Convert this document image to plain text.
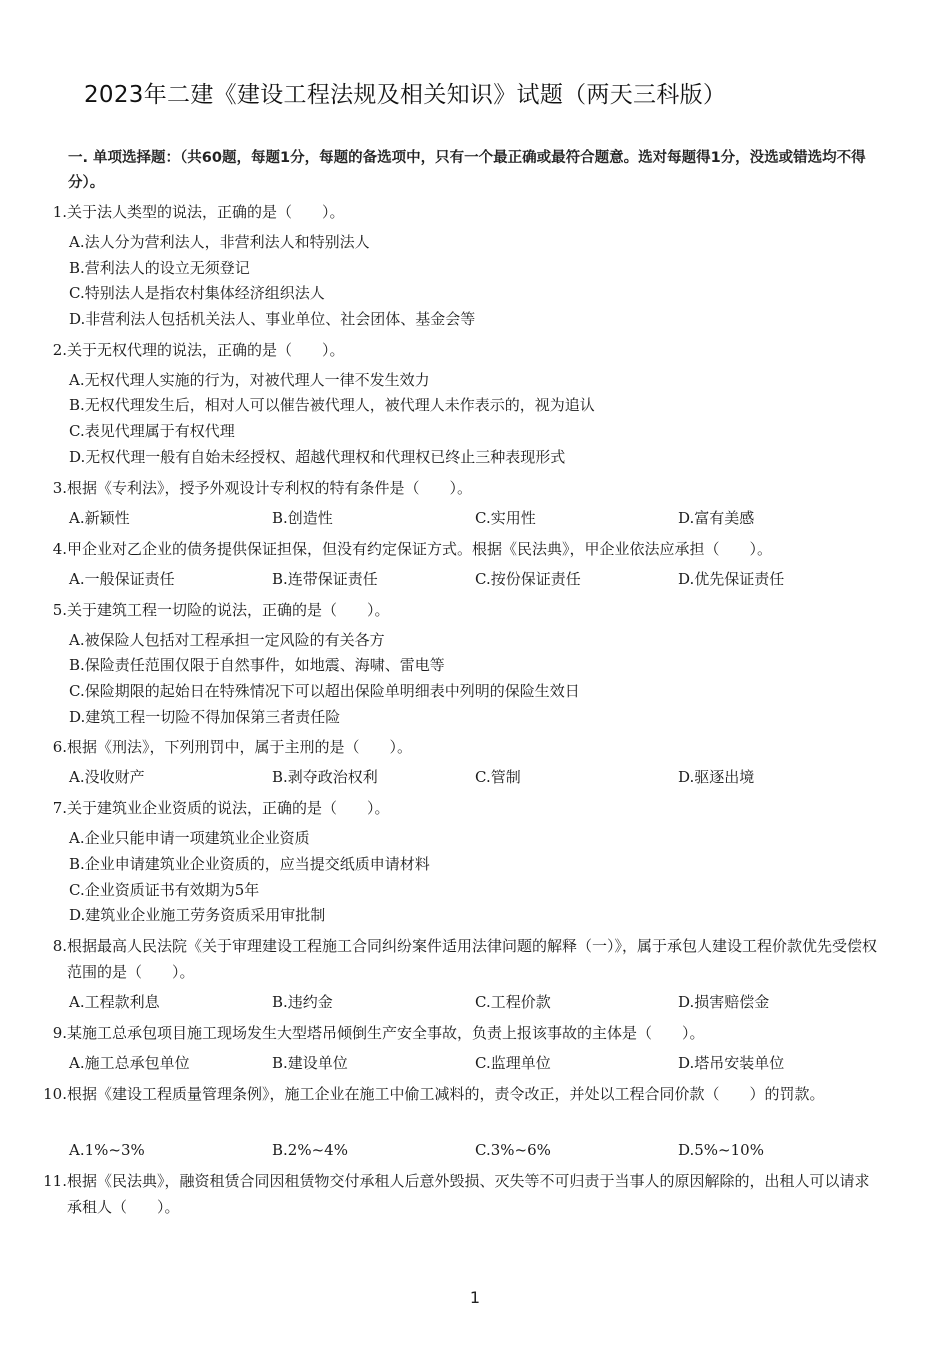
2023年二建《建设工程法规及相关知识》试题（两天三科版）
一. 单项选择题：（共60题，每题1分，每题的备选项中，只有一个最正确或最符合题意。选对每题得1分，没选或错选均不得分）。
1. 关于法人类型的说法，正确的是（　　）。
A.法人分为营利法人，非营利法人和特别法人
B.营利法人的设立无须登记
C.特别法人是指农村集体经济组织法人
D.非营利法人包括机关法人、事业单位、社会团体、基金会等
2. 关于无权代理的说法，正确的是（　　）。
A.无权代理人实施的行为，对被代理人一律不发生效力
B.无权代理发生后，相对人可以催告被代理人，被代理人未作表示的，视为追认
C.表见代理属于有权代理
D.无权代理一般有自始未经授权、超越代理权和代理权已终止三种表现形式
3. 根据《专利法》，授予外观设计专利权的特有条件是（　　）。
A.新颖性	B.创造性	C.实用性	D.富有美感
4. 甲企业对乙企业的债务提供保证担保，但没有约定保证方式。根据《民法典》，甲企业依法应承担（　　）。
A.一般保证责任	B.连带保证责任	C.按份保证责任	D.优先保证责任
5. 关于建筑工程一切险的说法，正确的是（　　）。
A.被保险人包括对工程承担一定风险的有关各方
B.保险责任范围仅限于自然事件，如地震、海啸、雷电等
C.保险期限的起始日在特殊情况下可以超出保险单明细表中列明的保险生效日
D.建筑工程一切险不得加保第三者责任险
6. 根据《刑法》，下列刑罚中，属于主刑的是（　　）。
A.没收财产	B.剥夺政治权利	C.管制	D.驱逐出境
7. 关于建筑业企业资质的说法，正确的是（　　）。
A.企业只能申请一项建筑业企业资质
B.企业申请建筑业企业资质的，应当提交纸质申请材料
C.企业资质证书有效期为5年
D.建筑业企业施工劳务资质采用审批制
8. 根据最高人民法院《关于审理建设工程施工合同纠纷案件适用法律问题的解释（一）》，属于承包人建设工程价款优先受偿权范围的是（　　）。
A.工程款利息	B.违约金	C.工程价款	D.损害赔偿金
9. 某施工总承包项目施工现场发生大型塔吊倾倒生产安全事故，负责上报该事故的主体是（　　）。
A.施工总承包单位	B.建设单位	C.监理单位	D.塔吊安装单位
10. 根据《建设工程质量管理条例》，施工企业在施工中偷工减料的，责令改正，并处以工程合同价款（　　）的罚款。
A.1%~3%	B.2%~4%	C.3%~6%	D.5%~10%
11. 根据《民法典》，融资租赁合同因租赁物交付承租人后意外毁损、灭失等不可归责于当事人的原因解除的，出租人可以请求承租人（　　）。
1
